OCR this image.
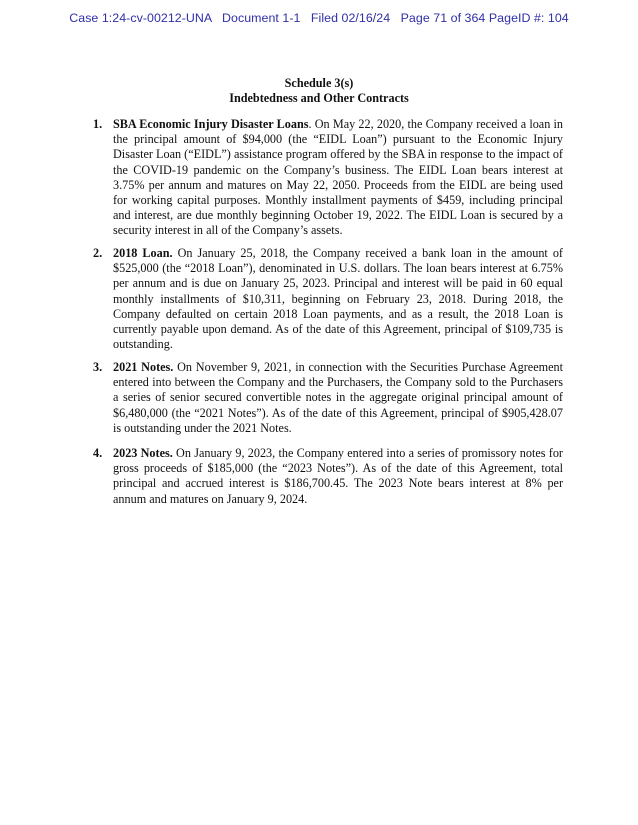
Case 1:24-cv-00212-UNA   Document 1-1   Filed 02/16/24   Page 71 of 364 PageID #: 104
Schedule 3(s)
Indebtedness and Other Contracts
1. SBA Economic Injury Disaster Loans. On May 22, 2020, the Company received a loan in the principal amount of $94,000 (the “EIDL Loan”) pursuant to the Economic Injury Disaster Loan (“EIDL”) assistance program offered by the SBA in response to the impact of the COVID-19 pandemic on the Company’s business. The EIDL Loan bears interest at 3.75% per annum and matures on May 22, 2050. Proceeds from the EIDL are being used for working capital purposes. Monthly installment payments of $459, including principal and interest, are due monthly beginning October 19, 2022. The EIDL Loan is secured by a security interest in all of the Company’s assets.
2. 2018 Loan. On January 25, 2018, the Company received a bank loan in the amount of $525,000 (the “2018 Loan”), denominated in U.S. dollars. The loan bears interest at 6.75% per annum and is due on January 25, 2023. Principal and interest will be paid in 60 equal monthly installments of $10,311, beginning on February 23, 2018. During 2018, the Company defaulted on certain 2018 Loan payments, and as a result, the 2018 Loan is currently payable upon demand. As of the date of this Agreement, principal of $109,735 is outstanding.
3. 2021 Notes. On November 9, 2021, in connection with the Securities Purchase Agreement entered into between the Company and the Purchasers, the Company sold to the Purchasers a series of senior secured convertible notes in the aggregate original principal amount of $6,480,000 (the “2021 Notes”). As of the date of this Agreement, principal of $905,428.07 is outstanding under the 2021 Notes.
4. 2023 Notes. On January 9, 2023, the Company entered into a series of promissory notes for gross proceeds of $185,000 (the “2023 Notes”). As of the date of this Agreement, total principal and accrued interest is $186,700.45. The 2023 Note bears interest at 8% per annum and matures on January 9, 2024.
